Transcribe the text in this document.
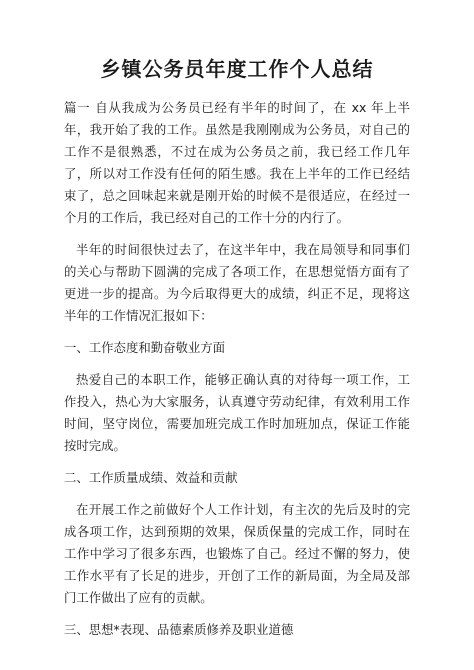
乡镇公务员年度工作个人总结

篇一 自从我成为公务员已经有半年的时间了，在 xx 年上半年，我开始了我的工作。虽然是我刚刚成为公务员，对自己的工作不是很熟悉，不过在成为公务员之前，我已经工作几年了，所以对工作没有任何的陌生感。我在上半年的工作已经结束了，总之回味起来就是刚开始的时候不是很适应，在经过一个月的工作后，我已经对自己的工作十分的内行了。

半年的时间很快过去了，在这半年中，我在局领导和同事们的关心与帮助下圆满的完成了各项工作，在思想觉悟方面有了更进一步的提高。为今后取得更大的成绩，纠正不足，现将这半年的工作情况汇报如下：

一、工作态度和勤奋敬业方面

热爱自己的本职工作，能够正确认真的对待每一项工作，工作投入，热心为大家服务，认真遵守劳动纪律，有效利用工作时间，坚守岗位，需要加班完成工作时加班加点，保证工作能按时完成。

二、工作质量成绩、效益和贡献

在开展工作之前做好个人工作计划，有主次的先后及时的完成各项工作，达到预期的效果，保质保量的完成工作，同时在工作中学习了很多东西，也锻炼了自己。经过不懈的努力，使工作水平有了长足的进步，开创了工作的新局面，为全局及部门工作做出了应有的贡献。

三、思想*表现、品德素质修养及职业道德
